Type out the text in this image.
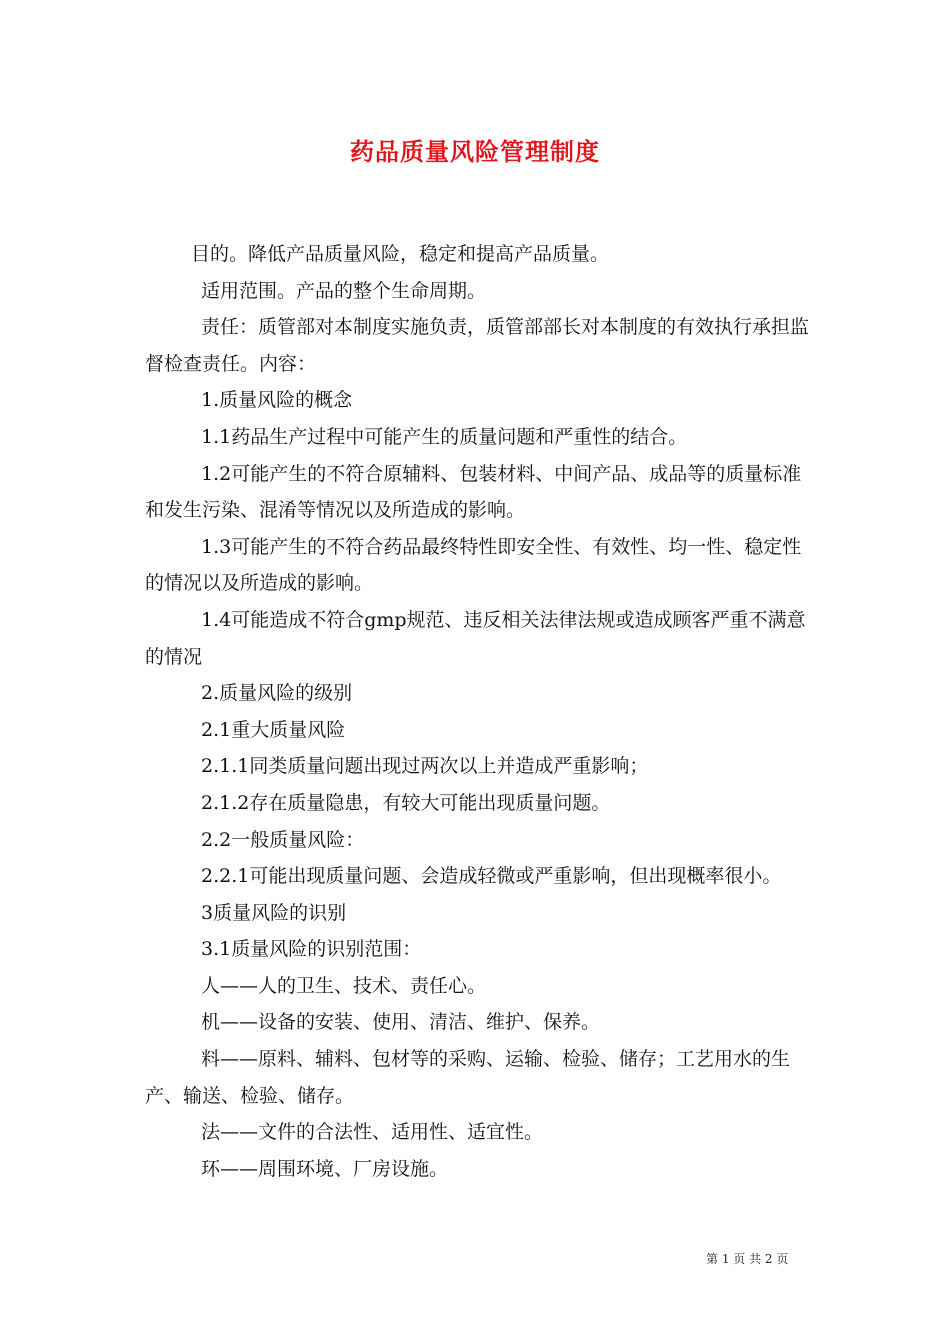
药品质量风险管理制度

目的。降低产品质量风险，稳定和提高产品质量。

适用范围。产品的整个生命周期。

责任：质管部对本制度实施负责，质管部部长对本制度的有效执行承担监督检查责任。内容：

1.质量风险的概念

1.1药品生产过程中可能产生的质量问题和严重性的结合。

1.2可能产生的不符合原辅料、包装材料、中间产品、成品等的质量标准和发生污染、混淆等情况以及所造成的影响。

1.3可能产生的不符合药品最终特性即安全性、有效性、均一性、稳定性的情况以及所造成的影响。

1.4可能造成不符合gmp规范、违反相关法律法规或造成顾客严重不满意的情况

2.质量风险的级别

2.1重大质量风险

2.1.1同类质量问题出现过两次以上并造成严重影响；

2.1.2存在质量隐患，有较大可能出现质量问题。

2.2一般质量风险：

2.2.1可能出现质量问题、会造成轻微或严重影响，但出现概率很小。

3质量风险的识别

3.1质量风险的识别范围：

人——人的卫生、技术、责任心。

机——设备的安装、使用、清洁、维护、保养。

料——原料、辅料、包材等的采购、运输、检验、储存；工艺用水的生产、输送、检验、储存。

法——文件的合法性、适用性、适宜性。

环——周围环境、厂房设施。

第 1 页 共 2 页
